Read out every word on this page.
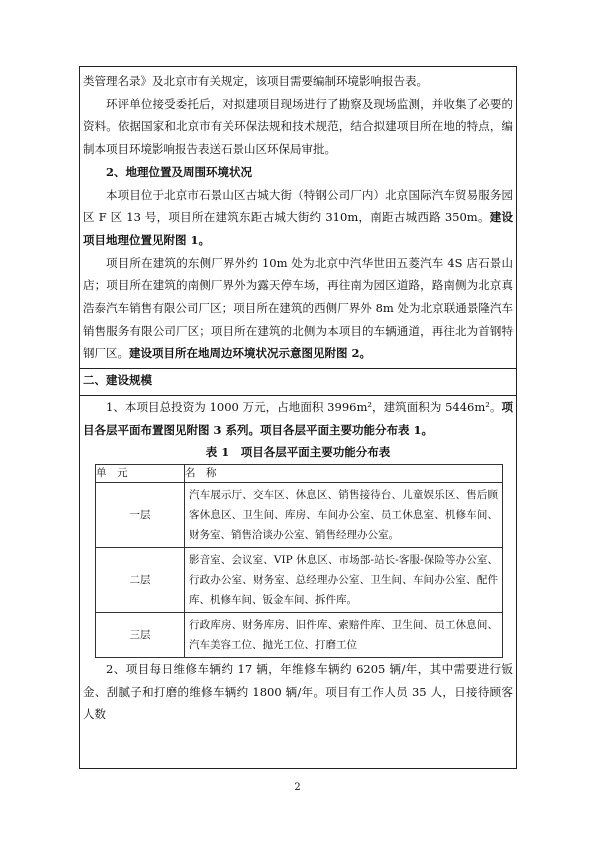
类管理名录》及北京市有关规定，该项目需要编制环境影响报告表。

环评单位接受委托后，对拟建项目现场进行了勘察及现场监测，并收集了必要的资料。依据国家和北京市有关环保法规和技术规范，结合拟建项目所在地的特点，编制本项目环境影响报告表送石景山区环保局审批。

2、地理位置及周围环境状况

本项目位于北京市石景山区古城大街（特钢公司厂内）北京国际汽车贸易服务园区 F 区 13 号，项目所在建筑东距古城大街约 310m，南距古城西路 350m。建设项目地理位置见附图 1。

项目所在建筑的东侧厂界外约 10m 处为北京中汽华世田五菱汽车 4S 店石景山店；项目所在建筑的南侧厂界外为露天停车场，再往南为园区道路，路南侧为北京真浩泰汽车销售有限公司厂区；项目所在建筑的西侧厂界外 8m 处为北京联通景隆汽车销售服务有限公司厂区；项目所在建筑的北侧为本项目的车辆通道，再往北为首钢特钢厂区。建设项目所在地周边环境状况示意图见附图 2。

二、建设规模

1、本项目总投资为 1000 万元，占地面积 3996m²，建筑面积为 5446m²。项目各层平面布置图见附图 3 系列。项目各层平面主要功能分布表 1。

表 1　项目各层平面主要功能分布表

单　元	名　称
一层	汽车展示厅、交车区、休息区、销售接待台、儿童娱乐区、售后顾客休息区、卫生间、库房、车间办公室、员工休息室、机修车间、财务室、销售洽谈办公室、销售经理办公室。
二层	影音室、会议室、VIP 休息区、市场部-站长-客服-保险等办公室、行政办公室、财务室、总经理办公室、卫生间、车间办公室、配件库、机修车间、钣金车间、拆件库。
三层	行政库房、财务库房、旧件库、索赔件库、卫生间、员工休息间、汽车美容工位、抛光工位、打磨工位

2、项目每日维修车辆约 17 辆，年维修车辆约 6205 辆/年，其中需要进行钣金、刮腻子和打磨的维修车辆约 1800 辆/年。项目有工作人员 35 人，日接待顾客人数

2
